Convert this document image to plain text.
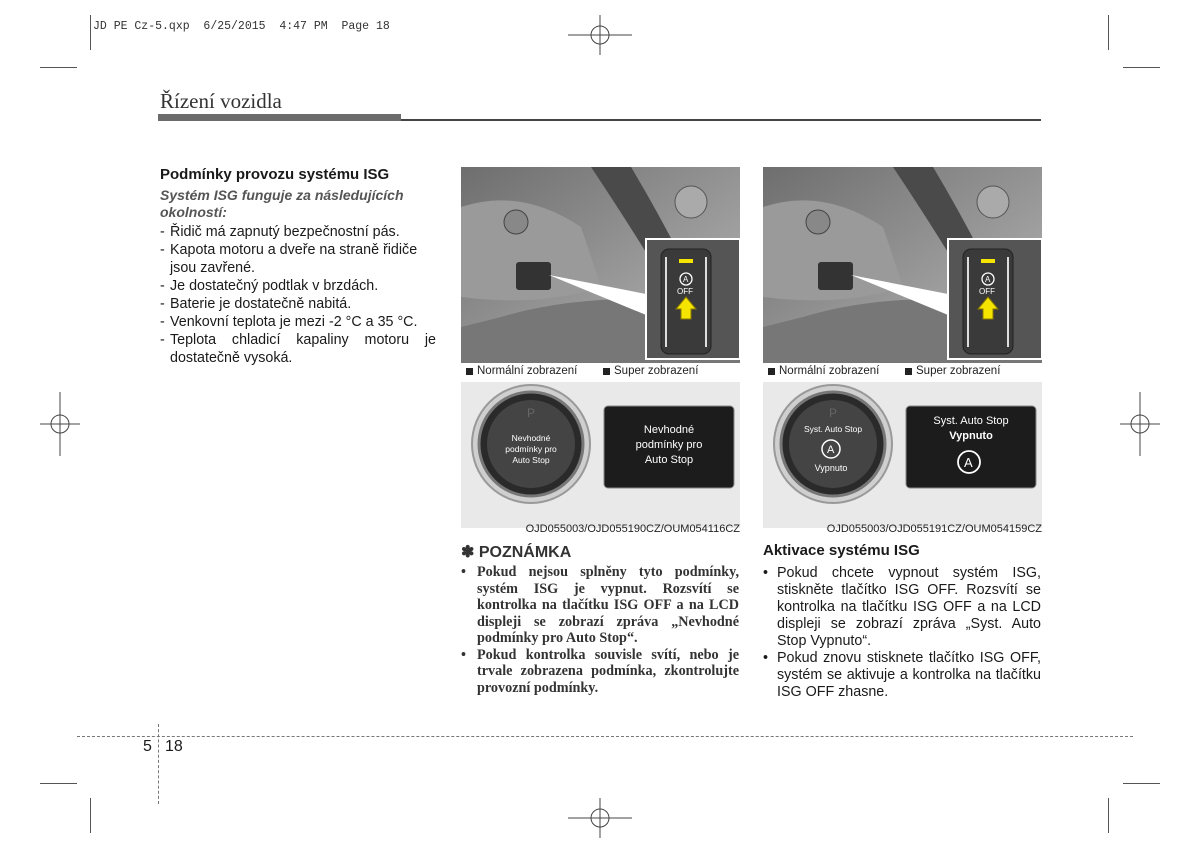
JD PE Cz-5.qxp  6/25/2015  4:47 PM  Page 18
Řízení vozidla

Podmínky provozu systému ISG

Systém ISG funguje za následujících

okolností:

- Řidič má zapnutý bezpečnostní pás.
- Kapota motoru a dveře na straně řidiče jsou zavřené.
- Je dostatečný podtlak v brzdách.
- Baterie je dostatečně nabitá.
- Venkovní teplota je mezi -2 °C a 35 °C.
- Teplota chladicí kapaliny motoru je dostatečně vysoká.
A
OFF
Normální zobrazení	Super zobrazení
P
Nevhodné
podmínky pro
Auto Stop
Nevhodné
podmínky pro
Auto Stop
OJD055003/OJD055190CZ/OUM054116CZ
✽ POZNÁMKA
• Pokud nejsou splněny tyto podmínky, systém ISG je vypnut. Rozsvítí se kontrolka na tlačítku ISG OFF a na LCD displeji se zobrazí zpráva „Nevhodné podmínky pro Auto Stop“.
• Pokud kontrolka souvisle svítí, nebo je trvale zobrazena podmínka, zkontrolujte provozní podmínky.
A
OFF
Normální zobrazení	Super zobrazení
P
Syst. Auto Stop
A
Vypnuto
Syst. Auto Stop
Vypnuto
A
OJD055003/OJD055191CZ/OUM054159CZ
Aktivace systému ISG
• Pokud chcete vypnout systém ISG, stiskněte tlačítko ISG OFF. Rozsvítí se kontrolka na tlačítku ISG OFF a na LCD displeji se zobrazí zpráva „Syst. Auto Stop Vypnuto“.
• Pokud znovu stisknete tlačítko ISG OFF, systém se aktivuje a kontrolka na tlačítku ISG OFF zhasne.
5 18
